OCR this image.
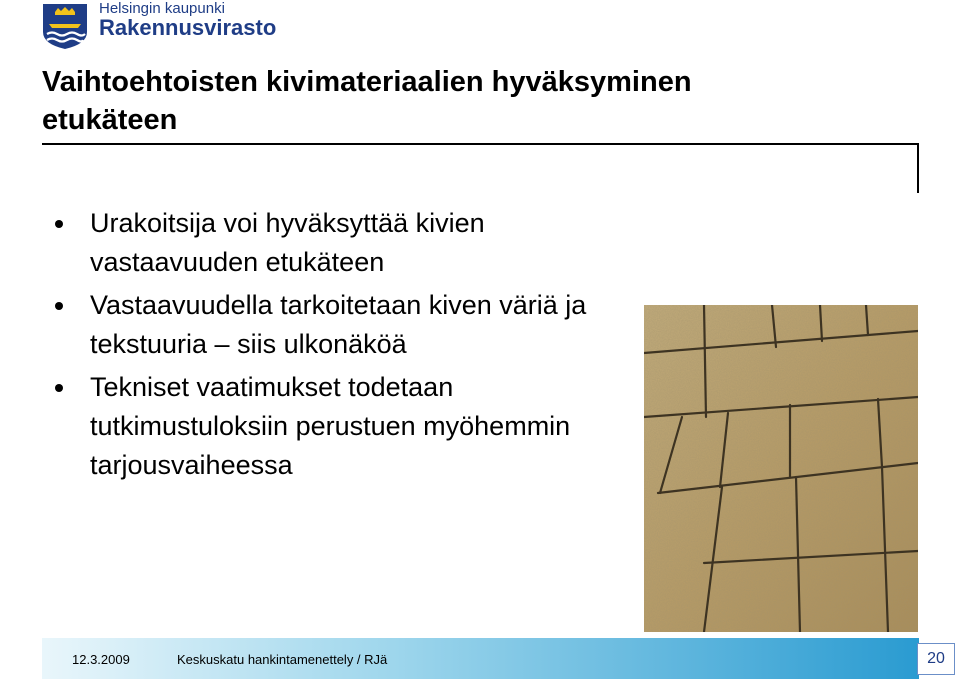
Helsingin kaupunki
Rakennusvirasto
Vaihtoehtoisten kivimateriaalien hyväksyminen etukäteen
Urakoitsija voi hyväksyttää kivien vastaavuuden etukäteen
Vastaavuudella tarkoitetaan kiven väriä ja tekstuuria – siis ulkonäköä
Tekniset vaatimukset todetaan tutkimustuloksiin perustuen myöhemmin tarjousvaiheessa
12.3.2009	Keskuskatu hankintamenettely / RJä	20
